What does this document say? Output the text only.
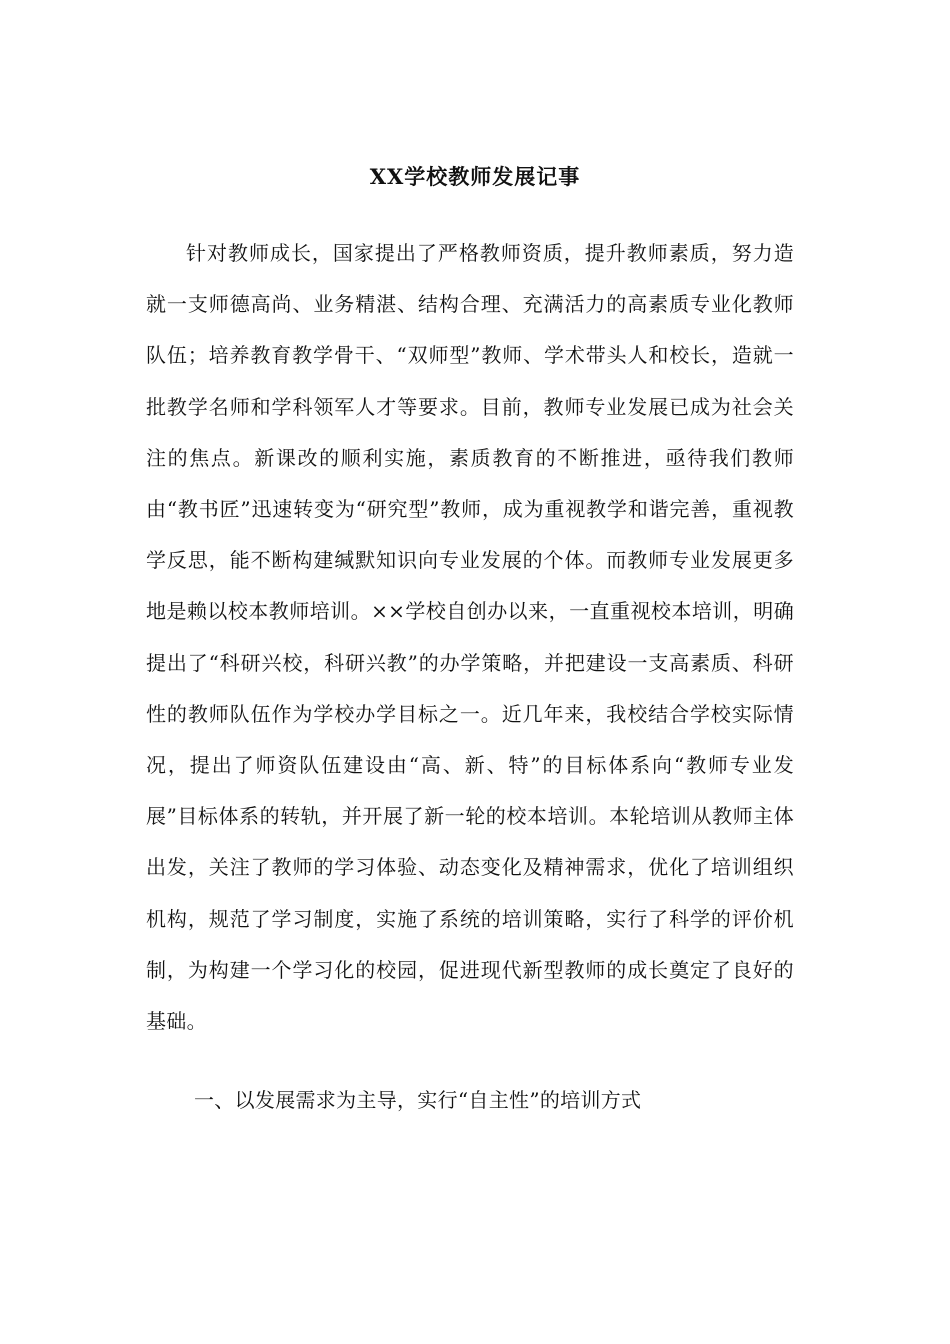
XX学校教师发展记事

针对教师成长，国家提出了严格教师资质，提升教师素质，努力造就一支师德高尚、业务精湛、结构合理、充满活力的高素质专业化教师队伍；培养教育教学骨干、“双师型”教师、学术带头人和校长，造就一批教学名师和学科领军人才等要求。目前，教师专业发展已成为社会关注的焦点。新课改的顺利实施，素质教育的不断推进，亟待我们教师由“教书匠”迅速转变为“研究型”教师，成为重视教学和谐完善，重视教学反思，能不断构建缄默知识向专业发展的个体。而教师专业发展更多地是赖以校本教师培训。××学校自创办以来，一直重视校本培训，明确提出了“科研兴校，科研兴教”的办学策略，并把建设一支高素质、科研性的教师队伍作为学校办学目标之一。近几年来，我校结合学校实际情况，提出了师资队伍建设由“高、新、特”的目标体系向“教师专业发展”目标体系的转轨，并开展了新一轮的校本培训。本轮培训从教师主体出发，关注了教师的学习体验、动态变化及精神需求，优化了培训组织机构，规范了学习制度，实施了系统的培训策略，实行了科学的评价机制，为构建一个学习化的校园，促进现代新型教师的成长奠定了良好的基础。

一、以发展需求为主导，实行“自主性”的培训方式
